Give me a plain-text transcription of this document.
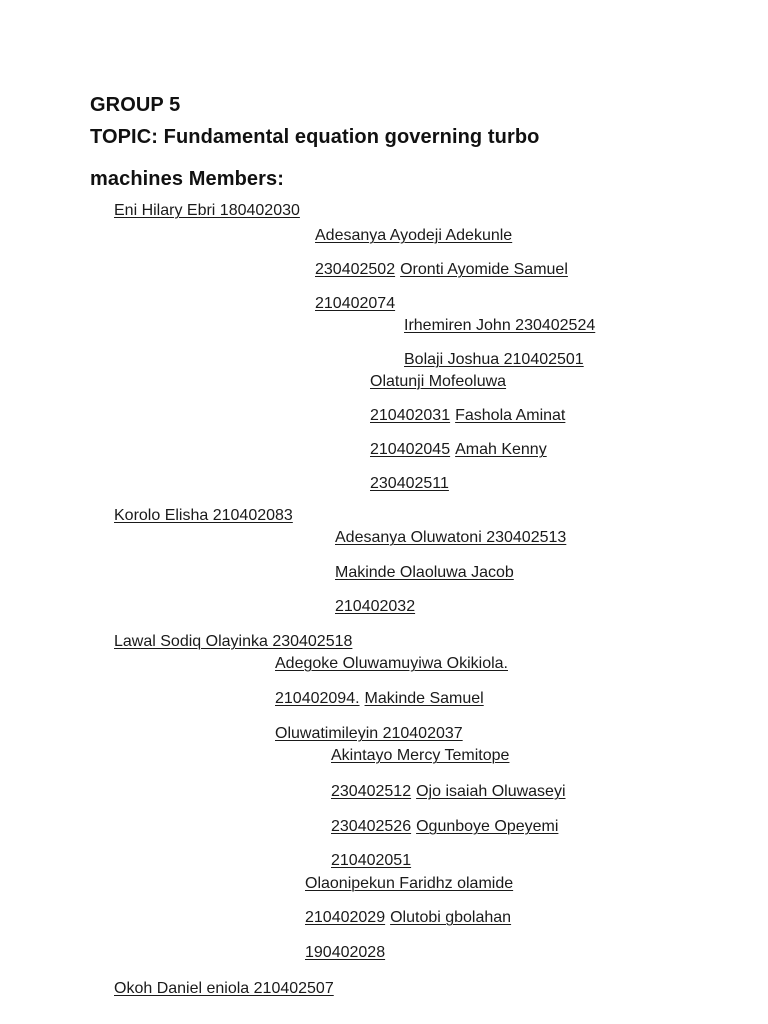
GROUP 5
TOPIC: Fundamental equation governing turbo
machines Members:
Eni Hilary Ebri 180402030
Adesanya Ayodeji Adekunle
230402502 Oronti Ayomide Samuel
210402074
Irhemiren John 230402524
Bolaji Joshua 210402501
Olatunji Mofeoluwa
210402031 Fashola Aminat
210402045 Amah Kenny
230402511
Korolo Elisha 210402083
Adesanya Oluwatoni 230402513
Makinde Olaoluwa Jacob
210402032
Lawal Sodiq Olayinka 230402518
Adegoke Oluwamuyiwa Okikiola.
210402094. Makinde Samuel
Oluwatimileyin 210402037
Akintayo Mercy Temitope
230402512 Ojo isaiah Oluwaseyi
230402526 Ogunboye Opeyemi
210402051
Olaonipekun Faridhz olamide
210402029 Olutobi gbolahan
190402028
Okoh Daniel eniola 210402507
